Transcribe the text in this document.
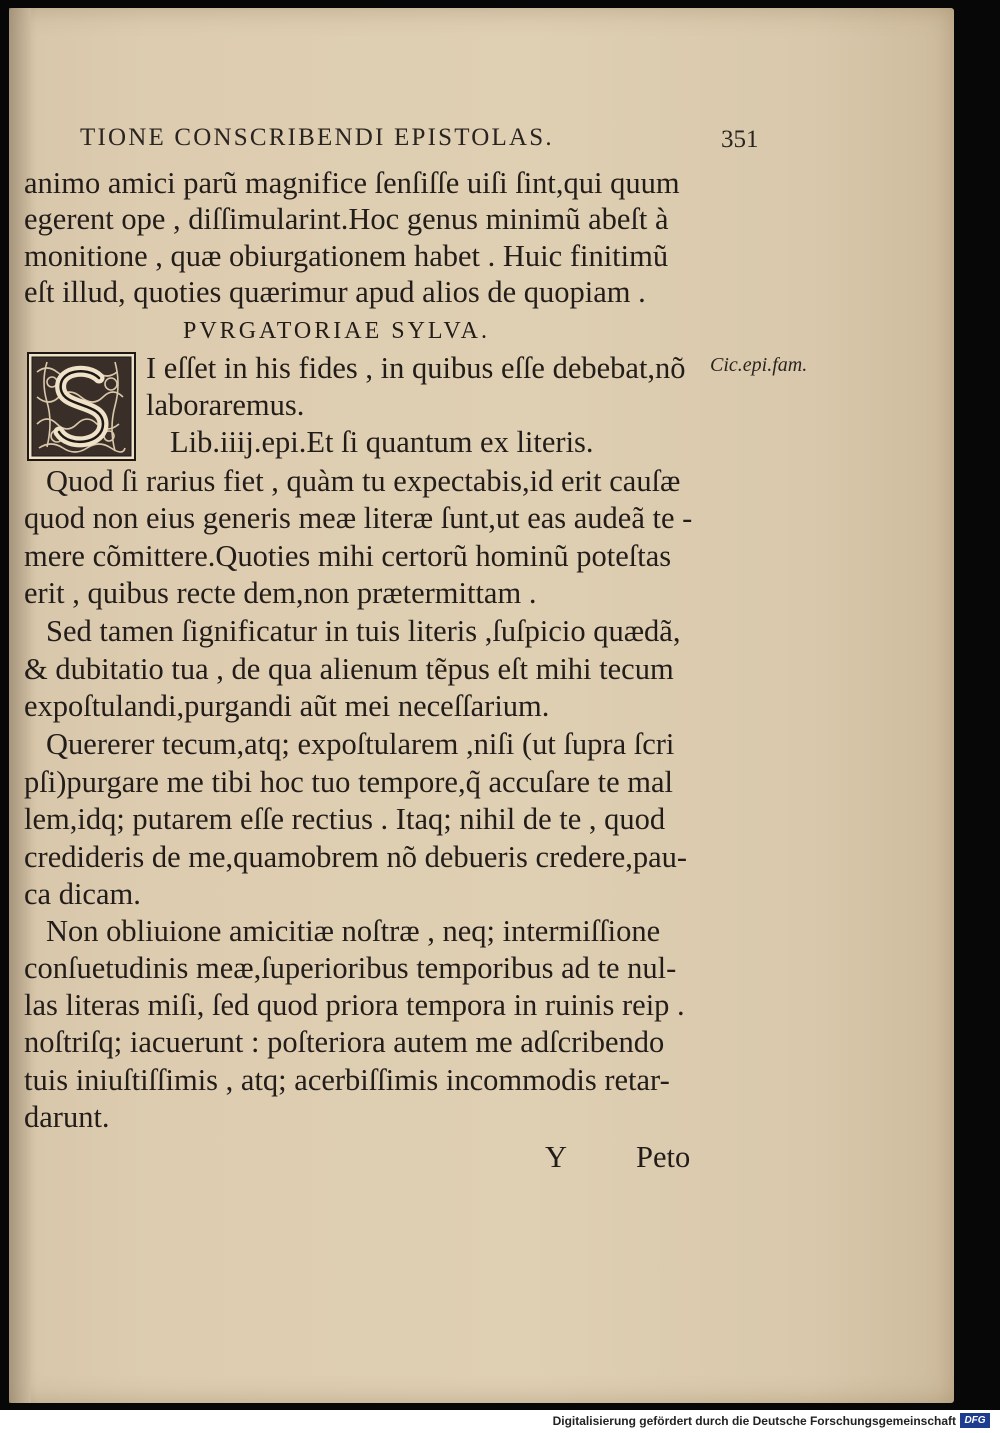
TIONE CONSCRIBENDI EPISTOLAS.	351
animo amici parũ magnifice ſenſiſſe uiſi ſint,qui quum
egerent ope , diſſimularint.Hoc genus minimũ abeſt à
monitione , quæ obiurgationem habet . Huic finitimũ
eſt illud, quoties quærimur apud alios de quopiam .
PVRGATORIAE SYLVA.
I eſſet in his fides , in quibus eſſe debebat,nõ
laboraremus.
Lib.iiij.epi.Et ſi quantum ex literis.
Cic.epi.fam.
Quod ſi rarius fiet , quàm tu expectabis,id erit cauſæ
quod non eius generis meæ literæ ſunt,ut eas audeã te -
mere cõmittere.Quoties mihi certorũ hominũ poteſtas
erit , quibus recte dem,non prætermittam .
Sed tamen ſignificatur in tuis literis ,ſuſpicio quædã,
& dubitatio tua , de qua alienum tẽpus eſt mihi tecum
expoſtulandi,purgandi aũt mei neceſſarium.
Quererer tecum,atq; expoſtularem ,niſi (ut ſupra ſcri
pſi)purgare me tibi hoc tuo tempore,q̃ accuſare te mal
lem,idq; putarem eſſe rectius . Itaq; nihil de te , quod
credideris de me,quamobrem nõ debueris credere,pau-
ca dicam.
Non obliuione amicitiæ noſtræ , neq; intermiſſione
conſuetudinis meæ,ſuperioribus temporibus ad te nul-
las literas miſi, ſed quod priora tempora in ruinis reip .
noſtriſq; iacuerunt : poſteriora autem me adſcribendo
tuis iniuſtiſſimis , atq; acerbiſſimis incommodis retar-
darunt.
Y Peto
Digitalisierung gefördert durch die Deutsche Forschungsgemeinschaft DFG
